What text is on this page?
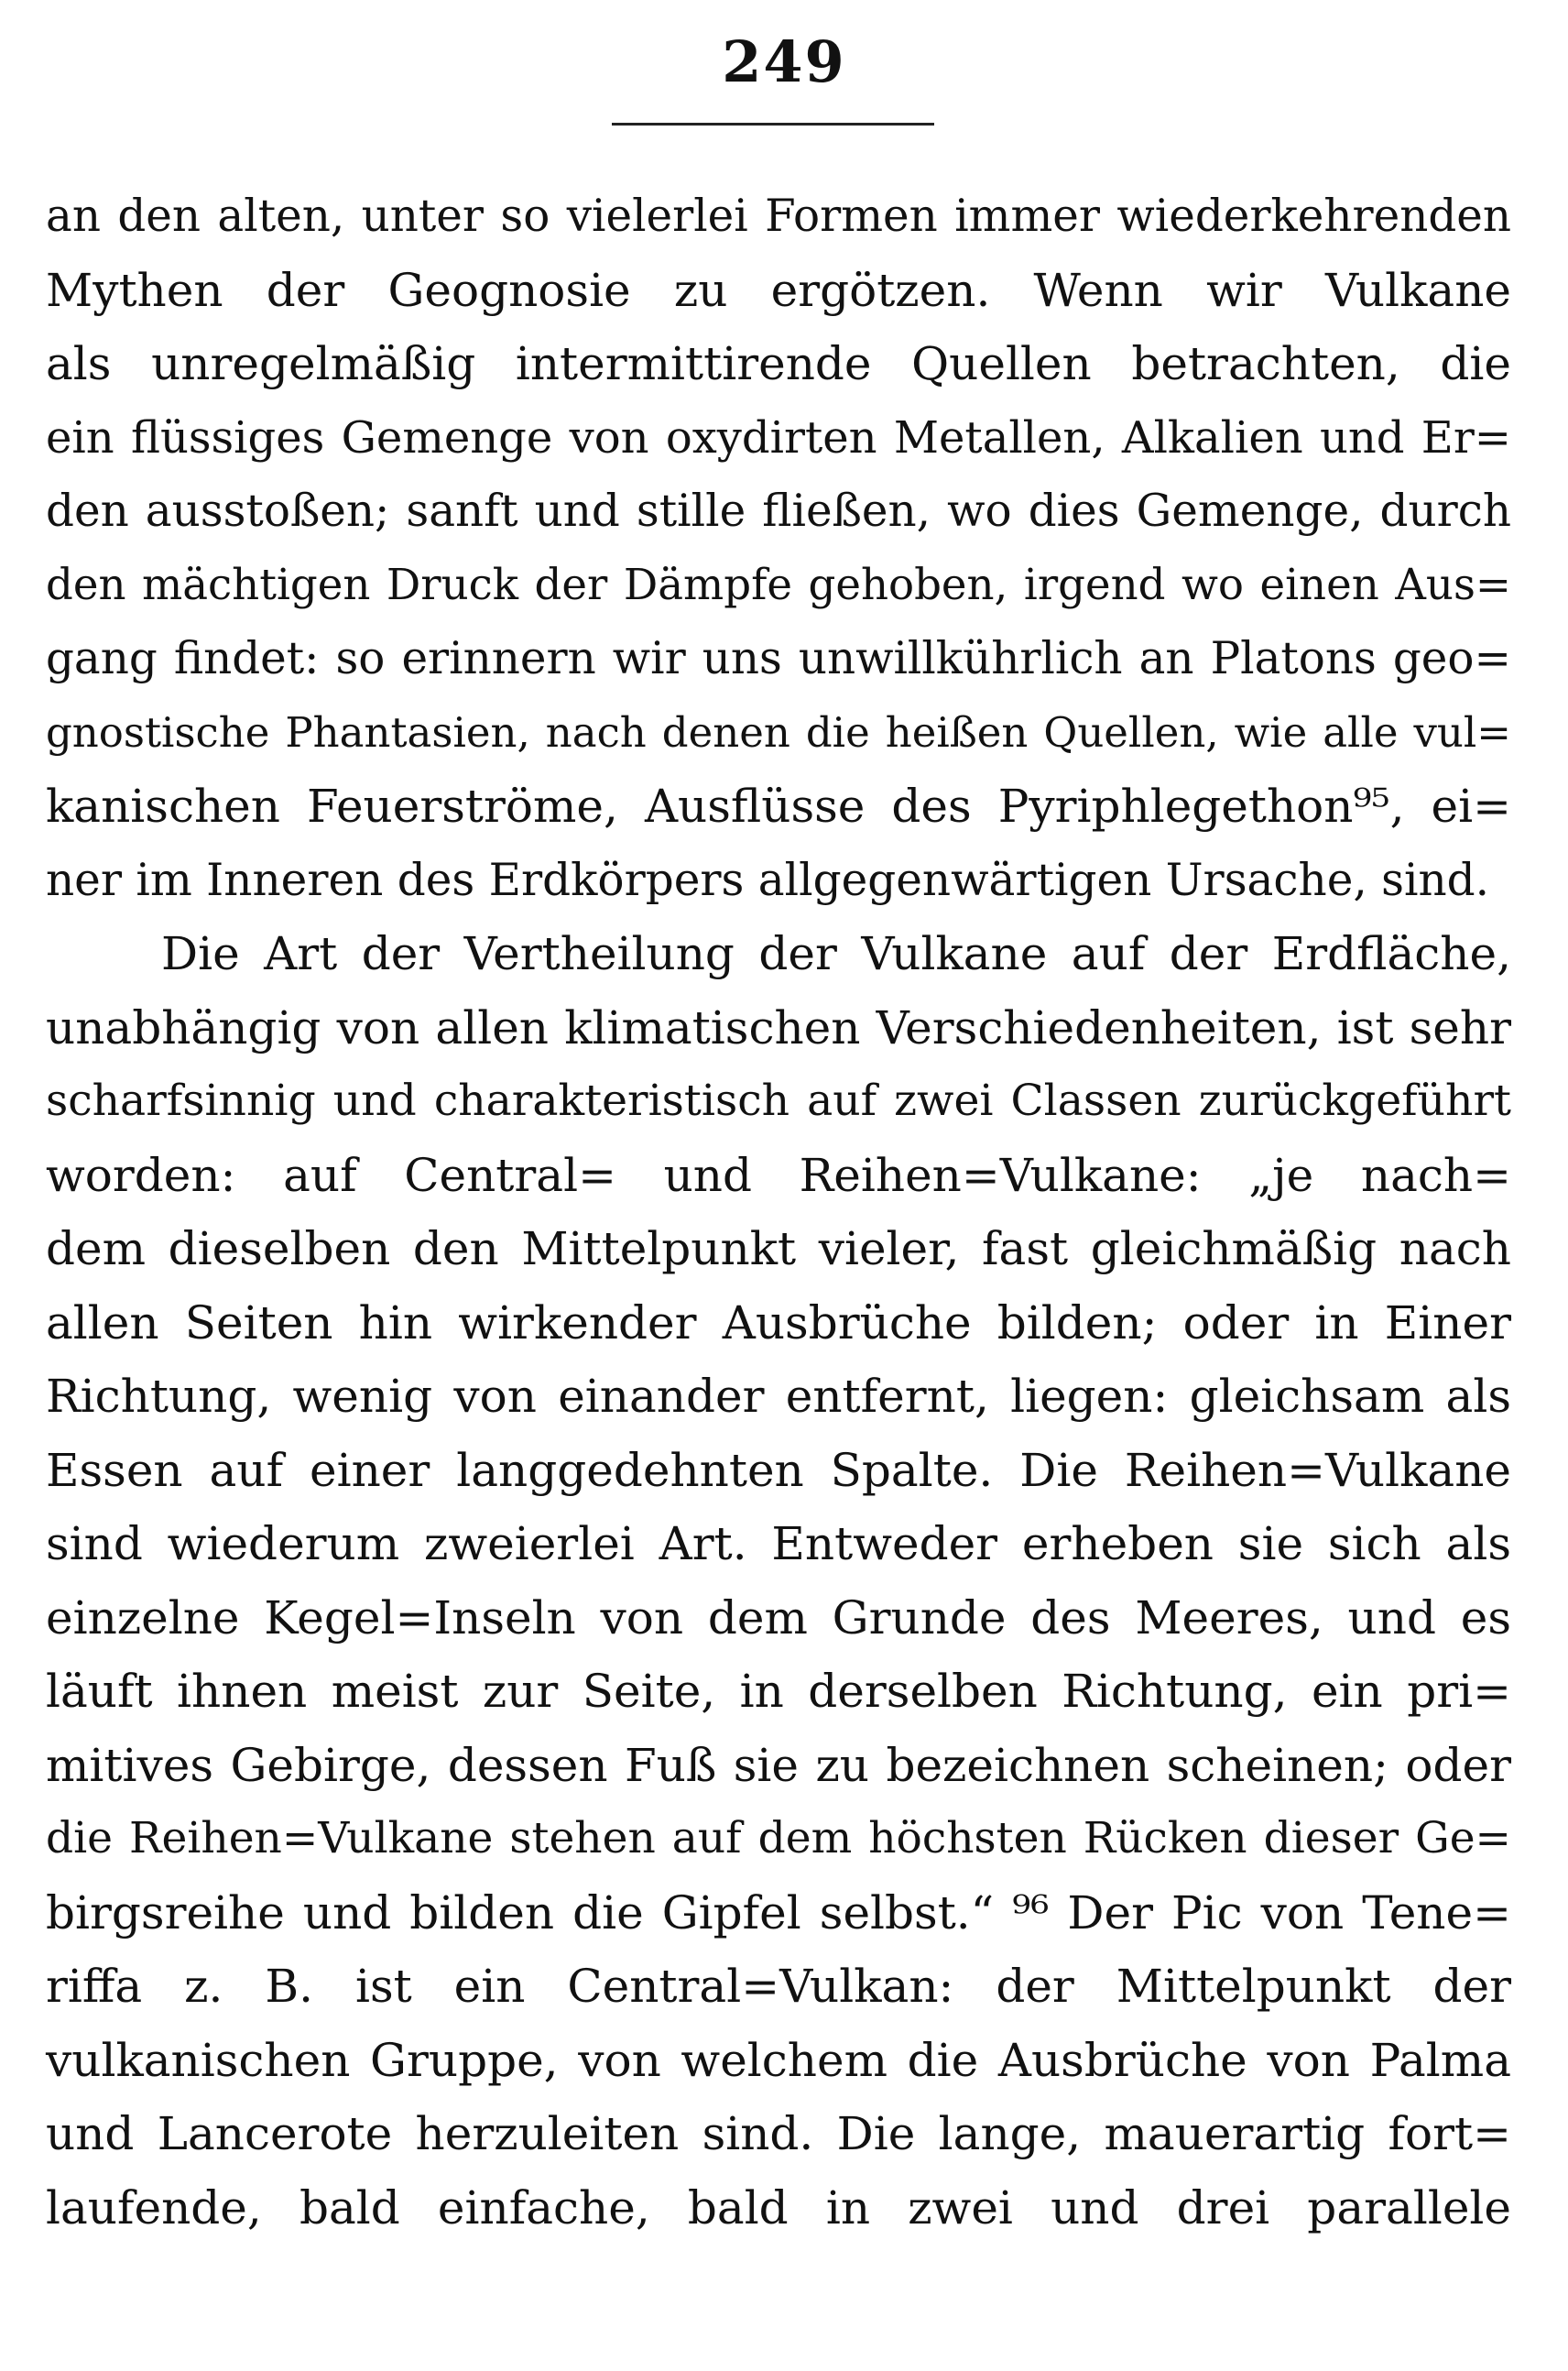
249
an den alten, unter so vielerlei Formen immer wiederkehrenden
Mythen der Geognosie zu ergötzen. Wenn wir Vulkane
als unregelmäßig intermittirende Quellen betrachten, die
ein flüssiges Gemenge von oxydirten Metallen, Alkalien und Er=
den ausstoßen; sanft und stille fließen, wo dies Gemenge, durch
den mächtigen Druck der Dämpfe gehoben, irgend wo einen Aus=
gang findet: so erinnern wir uns unwillkührlich an Platons geo=
gnostische Phantasien, nach denen die heißen Quellen, wie alle vul=
kanischen Feuerströme, Ausflüsse des Pyriphlegethon⁹⁵, ei=
ner im Inneren des Erdkörpers allgegenwärtigen Ursache, sind.
Die Art der Vertheilung der Vulkane auf der Erdfläche,
unabhängig von allen klimatischen Verschiedenheiten, ist sehr
scharfsinnig und charakteristisch auf zwei Classen zurückgeführt
worden: auf Central= und Reihen=Vulkane: „je nach=
dem dieselben den Mittelpunkt vieler, fast gleichmäßig nach
allen Seiten hin wirkender Ausbrüche bilden; oder in Einer
Richtung, wenig von einander entfernt, liegen: gleichsam als
Essen auf einer langgedehnten Spalte. Die Reihen=Vulkane
sind wiederum zweierlei Art. Entweder erheben sie sich als
einzelne Kegel=Inseln von dem Grunde des Meeres, und es
läuft ihnen meist zur Seite, in derselben Richtung, ein pri=
mitives Gebirge, dessen Fuß sie zu bezeichnen scheinen; oder
die Reihen=Vulkane stehen auf dem höchsten Rücken dieser Ge=
birgsreihe und bilden die Gipfel selbst.“ ⁹⁶ Der Pic von Tene=
riffa z. B. ist ein Central=Vulkan: der Mittelpunkt der
vulkanischen Gruppe, von welchem die Ausbrüche von Palma
und Lancerote herzuleiten sind. Die lange, mauerartig fort=
laufende, bald einfache, bald in zwei und drei parallele
